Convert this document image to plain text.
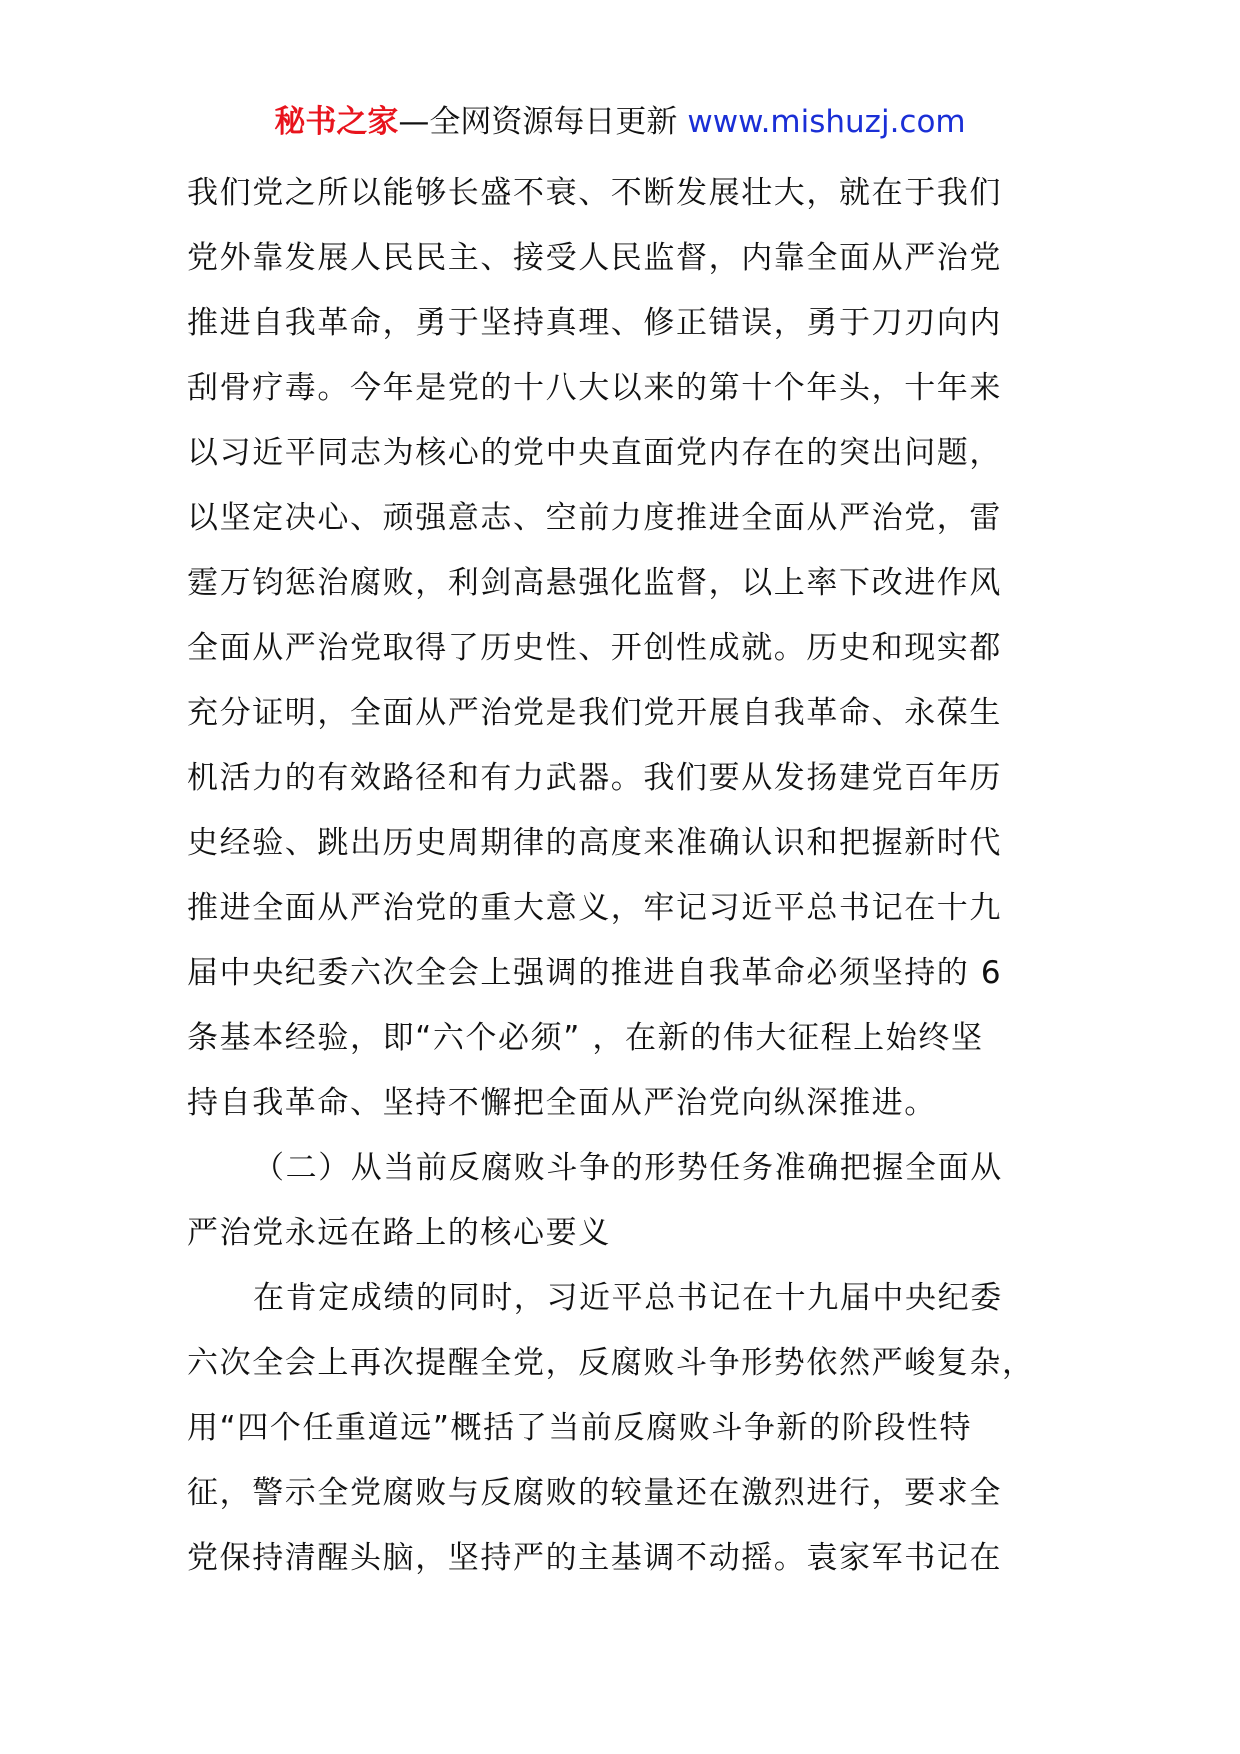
秘书之家—全网资源每日更新 www.mishuzj.com
我们党之所以能够长盛不衰、不断发展壮大，就在于我们
党外靠发展人民民主、接受人民监督，内靠全面从严治党
推进自我革命，勇于坚持真理、修正错误，勇于刀刃向内
刮骨疗毒。今年是党的十八大以来的第十个年头，十年来
以习近平同志为核心的党中央直面党内存在的突出问题，
以坚定决心、顽强意志、空前力度推进全面从严治党，雷
霆万钧惩治腐败，利剑高悬强化监督，以上率下改进作风
全面从严治党取得了历史性、开创性成就。历史和现实都
充分证明，全面从严治党是我们党开展自我革命、永葆生
机活力的有效路径和有力武器。我们要从发扬建党百年历
史经验、跳出历史周期律的高度来准确认识和把握新时代
推进全面从严治党的重大意义，牢记习近平总书记在十九
届中央纪委六次全会上强调的推进自我革命必须坚持的 6
条基本经验，即“六个必须” ，在新的伟大征程上始终坚
持自我革命、坚持不懈把全面从严治党向纵深推进。
（二）从当前反腐败斗争的形势任务准确把握全面从
严治党永远在路上的核心要义
在肯定成绩的同时，习近平总书记在十九届中央纪委
六次全会上再次提醒全党，反腐败斗争形势依然严峻复杂，
用“四个任重道远”概括了当前反腐败斗争新的阶段性特
征，警示全党腐败与反腐败的较量还在激烈进行，要求全
党保持清醒头脑，坚持严的主基调不动摇。袁家军书记在
